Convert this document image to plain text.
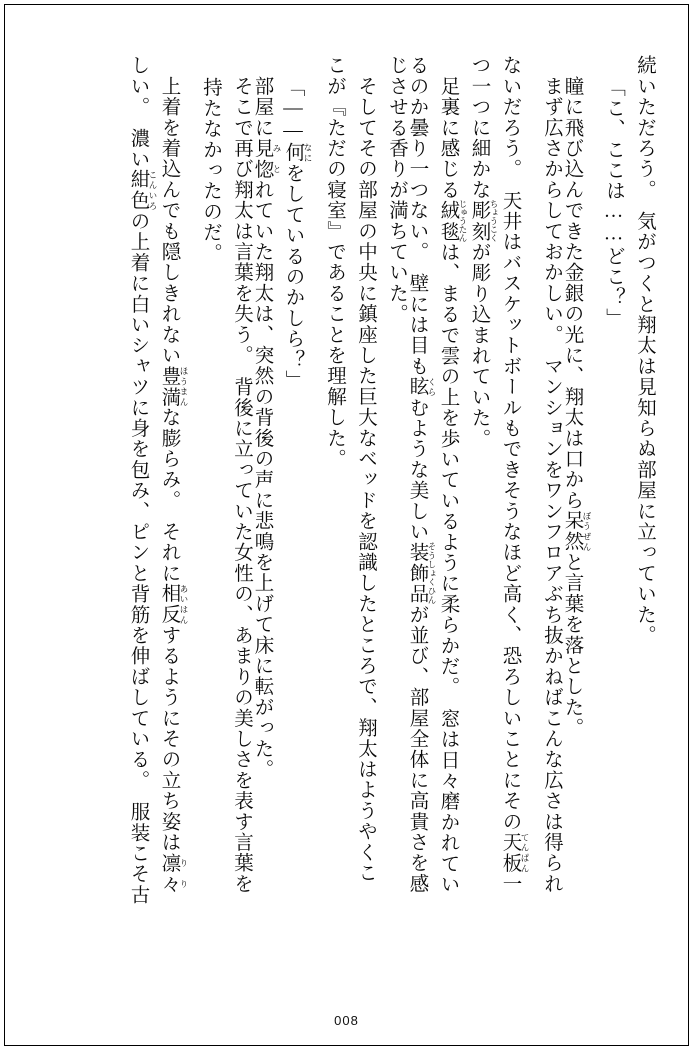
続いただろう。　気がつくと翔太は見知らぬ部屋に立っていた。
「こ、ここは……どこ？」
　瞳に飛び込んできた金銀の光に、翔太は口から呆然 ぼうぜんと言葉を落とした。
　まず広さからしておかしい。　マンションをワンフロアぶち抜かねばこんな広さは得られ
ないだろう。　天井はバスケットボールもできそうなほど高く、恐ろしいことにその天板 てんぱん一
つ一つに細かな彫刻 ちょうこくが彫り込まれていた。
　足裏に感じる絨毯 じゅうたんは、まるで雲の上を歩いているように柔らかだ。　窓は日々磨かれてい
るのか曇り一つない。　壁には目も眩 くらむような美しい装飾品 そうしょくひんが並び、部屋全体に高貴さを感
じさせる香りが満ちていた。
　そしてその部屋の中央に鎮座した巨大なベッドを認識したところで、翔太はようやくこ
こが『ただの寝室』であることを理解した。
「——何 なにをしているのかしら？」
　部屋に見惚 みとれていた翔太は、突然の背後の声に悲鳴を上げて床に転がった。
　そこで再び翔太は言葉を失う。　背後に立っていた女性の、あまりの美しさを表す言葉を
持たなかったのだ。
　上着を着込んでも隠しきれない豊満 ほうまんな膨らみ。　それに相反 あいはんするようにその立ち姿は凛々 りり
しい。　濃い紺色 こんいろの上着に白いシャツに身を包み、ピンと背筋を伸ばしている。　服装こそ古
008
